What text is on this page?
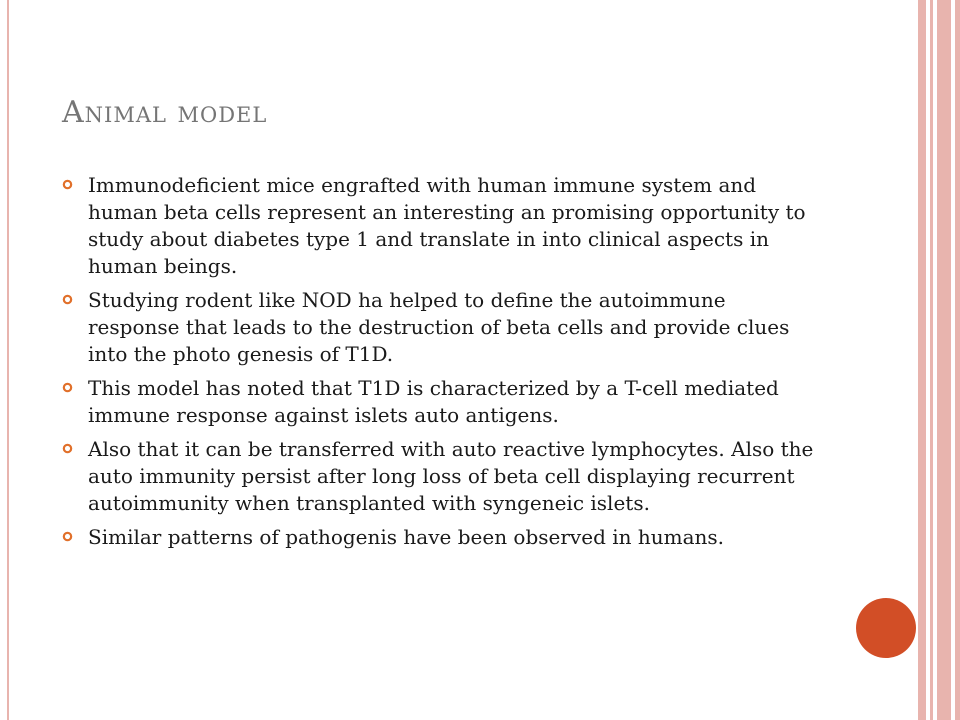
Animal model
Immunodeficient mice engrafted with human immune system and human beta cells represent an interesting an promising opportunity to study about diabetes type 1 and translate in into clinical aspects in human beings.
Studying rodent like NOD ha helped to define the autoimmune response that leads to the destruction of beta cells and provide clues into the photo genesis of T1D.
This model has noted that T1D is characterized by a T-cell mediated immune response against islets auto antigens.
Also that it can be transferred with auto reactive lymphocytes. Also the auto immunity persist after long loss of beta cell displaying recurrent autoimmunity when transplanted with syngeneic islets.
Similar patterns of pathogenis have been observed in humans.
